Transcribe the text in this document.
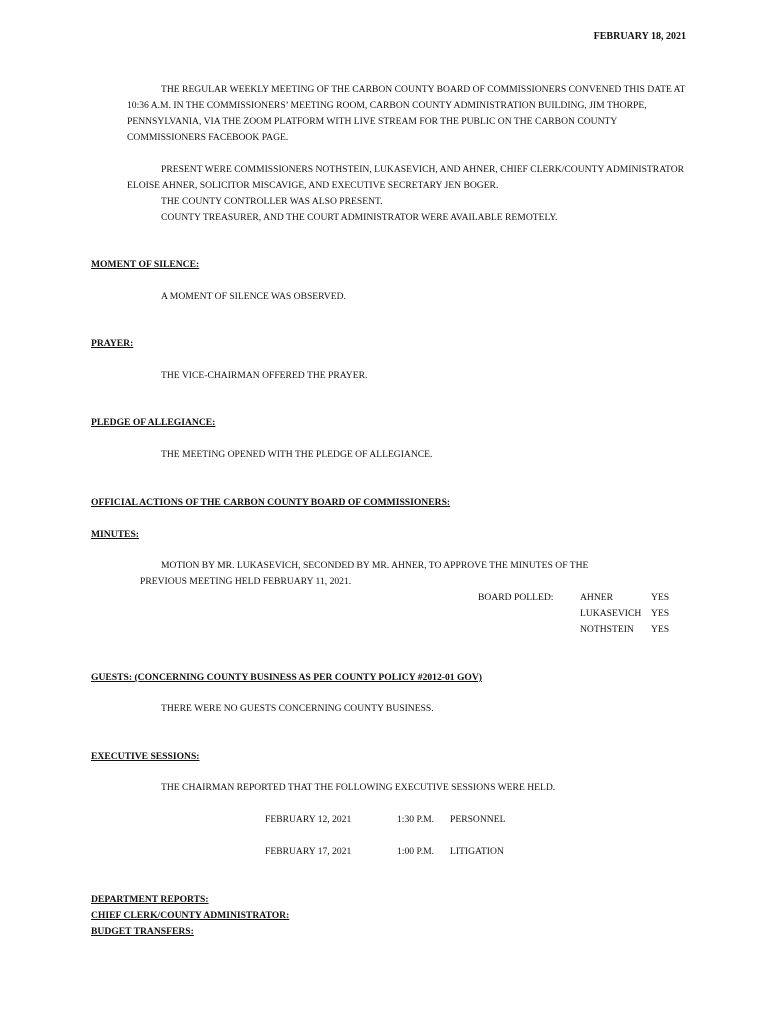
FEBRUARY 18, 2021
THE REGULAR WEEKLY MEETING OF THE CARBON COUNTY BOARD OF COMMISSIONERS CONVENED THIS DATE AT 10:36 A.M. IN THE COMMISSIONERS’ MEETING ROOM, CARBON COUNTY ADMINISTRATION BUILDING, JIM THORPE, PENNSYLVANIA, VIA THE ZOOM PLATFORM WITH LIVE STREAM FOR THE PUBLIC ON THE CARBON COUNTY COMMISSIONERS FACEBOOK PAGE.
PRESENT WERE COMMISSIONERS NOTHSTEIN, LUKASEVICH, AND AHNER, CHIEF CLERK/COUNTY ADMINISTRATOR ELOISE AHNER, SOLICITOR MISCAVIGE, AND EXECUTIVE SECRETARY JEN BOGER.
THE COUNTY CONTROLLER WAS ALSO PRESENT.
COUNTY TREASURER, AND THE COURT ADMINISTRATOR WERE AVAILABLE REMOTELY.
MOMENT OF SILENCE:
A MOMENT OF SILENCE WAS OBSERVED.
PRAYER:
THE VICE-CHAIRMAN OFFERED THE PRAYER.
PLEDGE OF ALLEGIANCE:
THE MEETING OPENED WITH THE PLEDGE OF ALLEGIANCE.
OFFICIAL ACTIONS OF THE CARBON COUNTY BOARD OF COMMISSIONERS:
MINUTES:
MOTION BY MR. LUKASEVICH, SECONDED BY MR. AHNER, TO APPROVE THE MINUTES OF THE
PREVIOUS MEETING HELD FEBRUARY 11, 2021.
BOARD POLLED:	AHNER	YES
LUKASEVICH YES
NOTHSTEIN YES
GUESTS: (CONCERNING COUNTY BUSINESS AS PER COUNTY POLICY #2012-01 GOV)
THERE WERE NO GUESTS CONCERNING COUNTY BUSINESS.
EXECUTIVE SESSIONS:
THE CHAIRMAN REPORTED THAT THE FOLLOWING EXECUTIVE SESSIONS WERE HELD.
FEBRUARY 12, 2021	1:30 P.M. PERSONNEL
FEBRUARY 17, 2021	1:00 P.M. LITIGATION
DEPARTMENT REPORTS:
CHIEF CLERK/COUNTY ADMINISTRATOR:
BUDGET TRANSFERS:
